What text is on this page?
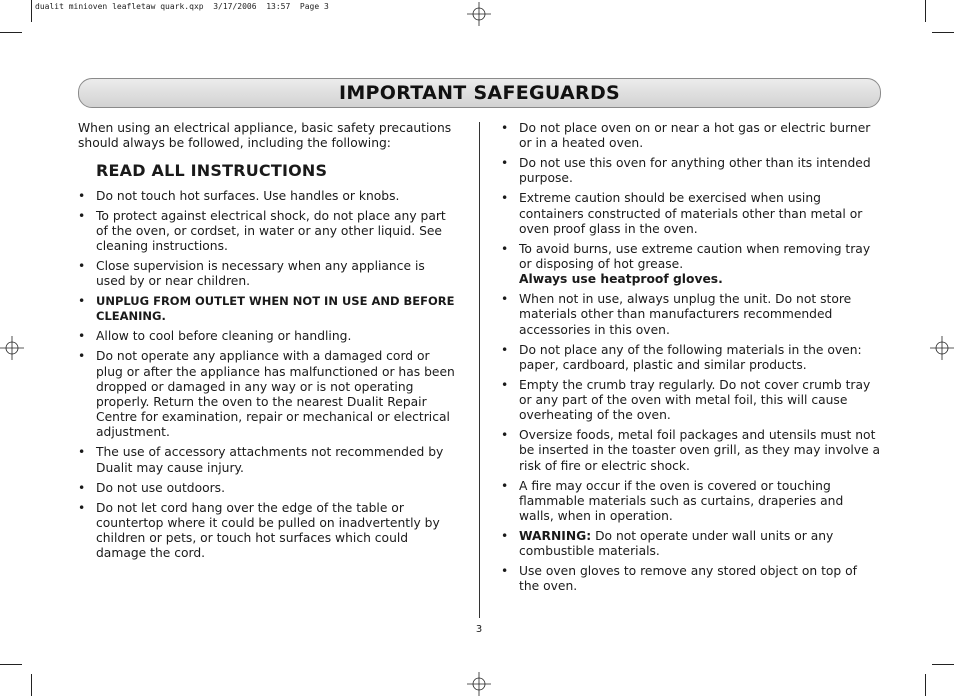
dualit minioven leafletaw quark.qxp  3/17/2006  13:57  Page 3
IMPORTANT SAFEGUARDS

When using an electrical appliance, basic safety precautions should always be followed, including the following:

READ ALL INSTRUCTIONS
• Do not touch hot surfaces. Use handles or knobs.
• To protect against electrical shock, do not place any part of the oven, or cordset, in water or any other liquid. See cleaning instructions.
• Close supervision is necessary when any appliance is used by or near children.
• UNPLUG FROM OUTLET WHEN NOT IN USE AND BEFORE CLEANING.
• Allow to cool before cleaning or handling.
• Do not operate any appliance with a damaged cord or plug or after the appliance has malfunctioned or has been dropped or damaged in any way or is not operating properly. Return the oven to the nearest Dualit Repair Centre for examination, repair or mechanical or electrical adjustment.
• The use of accessory attachments not recommended by Dualit may cause injury.
• Do not use outdoors.
• Do not let cord hang over the edge of the table or countertop where it could be pulled on inadvertently by children or pets, or touch hot surfaces which could damage the cord.
• Do not place oven on or near a hot gas or electric burner or in a heated oven.
• Do not use this oven for anything other than its intended purpose.
• Extreme caution should be exercised when using containers constructed of materials other than metal or oven proof glass in the oven.
• To avoid burns, use extreme caution when removing tray or disposing of hot grease.
Always use heatproof gloves.
• When not in use, always unplug the unit. Do not store materials other than manufacturers recommended accessories in this oven.
• Do not place any of the following materials in the oven: paper, cardboard, plastic and similar products.
• Empty the crumb tray regularly. Do not cover crumb tray or any part of the oven with metal foil, this will cause overheating of the oven.
• Oversize foods, metal foil packages and utensils must not be inserted in the toaster oven grill, as they may involve a risk of fire or electric shock.
• A fire may occur if the oven is covered or touching flammable materials such as curtains, draperies and walls, when in operation.
• WARNING: Do not operate under wall units or any combustible materials.
• Use oven gloves to remove any stored object on top of the oven.
3
